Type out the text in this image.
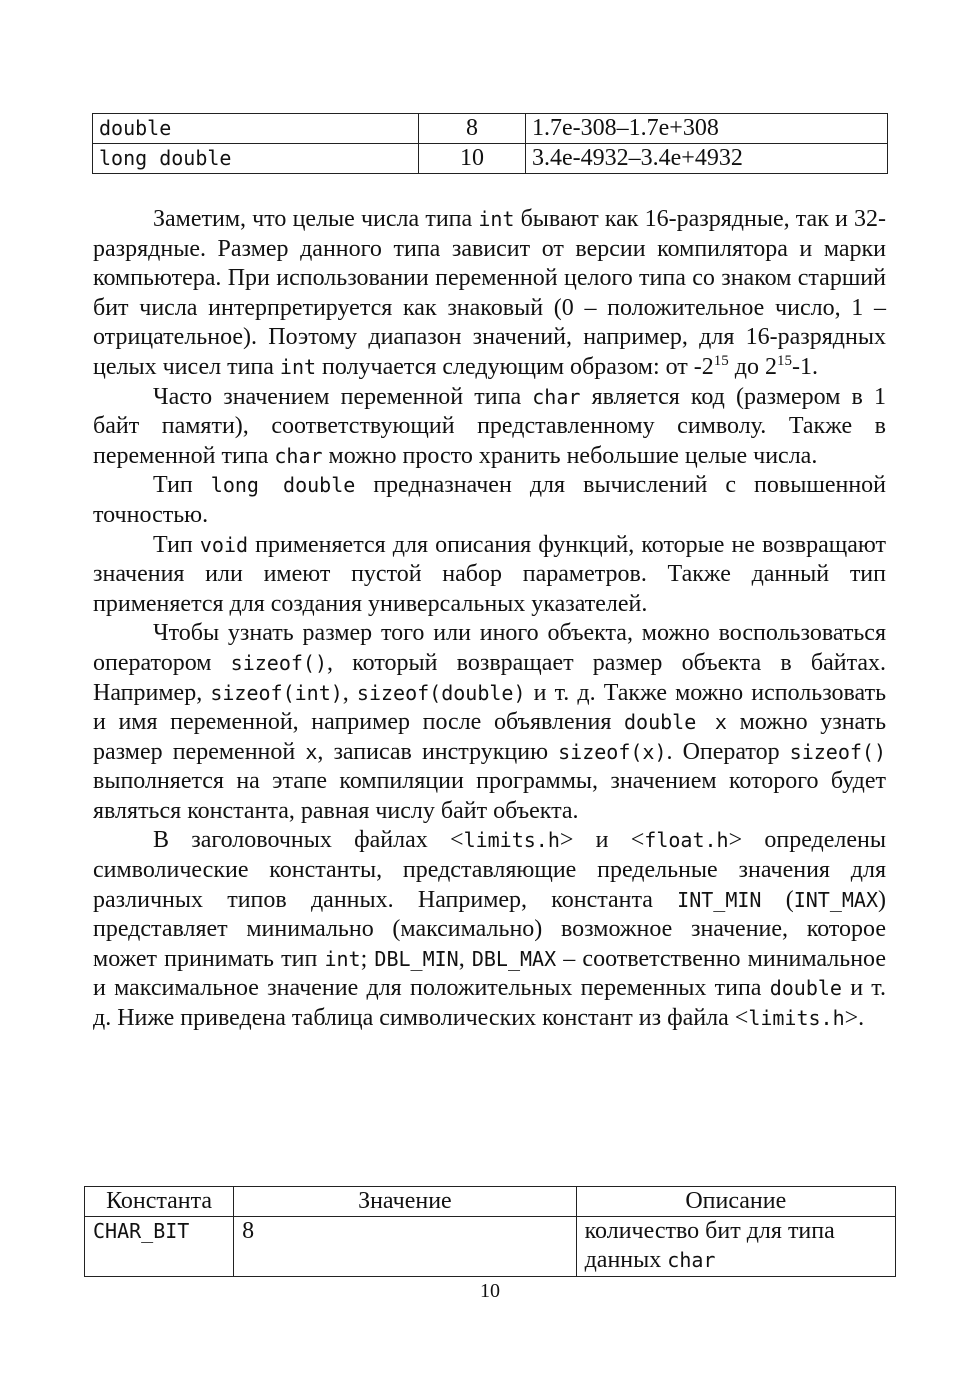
double	8	1.7e-308–1.7e+308
long double	10	3.4e-4932–3.4e+4932

Заметим, что целые числа типа int бывают как 16-разрядные, так и 32-разрядные. Размер данного типа зависит от версии компилятора и марки компьютера. При использовании переменной целого типа со знаком старший бит числа интерпретируется как знаковый (0 – положительное число, 1 – отрицательное). Поэтому диапазон значений, например, для 16-разрядных целых чисел типа int получается следующим образом: от $-2^{15}$ до $2^{15}-1$.

Часто значением переменной типа char является код (размером в 1 байт памяти), соответствующий представленному символу. Также в переменной типа char можно просто хранить небольшие целые числа.

Тип long double предназначен для вычислений с повышенной точностью.

Тип void применяется для описания функций, которые не возвращают значения или имеют пустой набор параметров. Также данный тип применяется для создания универсальных указателей.

Чтобы узнать размер того или иного объекта, можно воспользоваться оператором sizeof(), который возвращает размер объекта в байтах. Например, sizeof(int), sizeof(double) и т. д. Также можно использовать и имя переменной, например после объявления double x можно узнать размер переменной x, записав инструкцию sizeof(x). Оператор sizeof() выполняется на этапе компиляции программы, значением которого будет являться константа, равная числу байт объекта.

В заголовочных файлах <limits.h> и <float.h> определены символические константы, представляющие предельные значения для различных типов данных. Например, константа INT_MIN (INT_MAX) представляет минимально (максимально) возможное значение, которое может принимать тип int; DBL_MIN, DBL_MAX – соответственно минимальное и максимальное значение для положительных переменных типа double и т. д. Ниже приведена таблица символических констант из файла <limits.h>.

Константа	Значение	Описание
CHAR_BIT	8	количество бит для типа данных char
10
